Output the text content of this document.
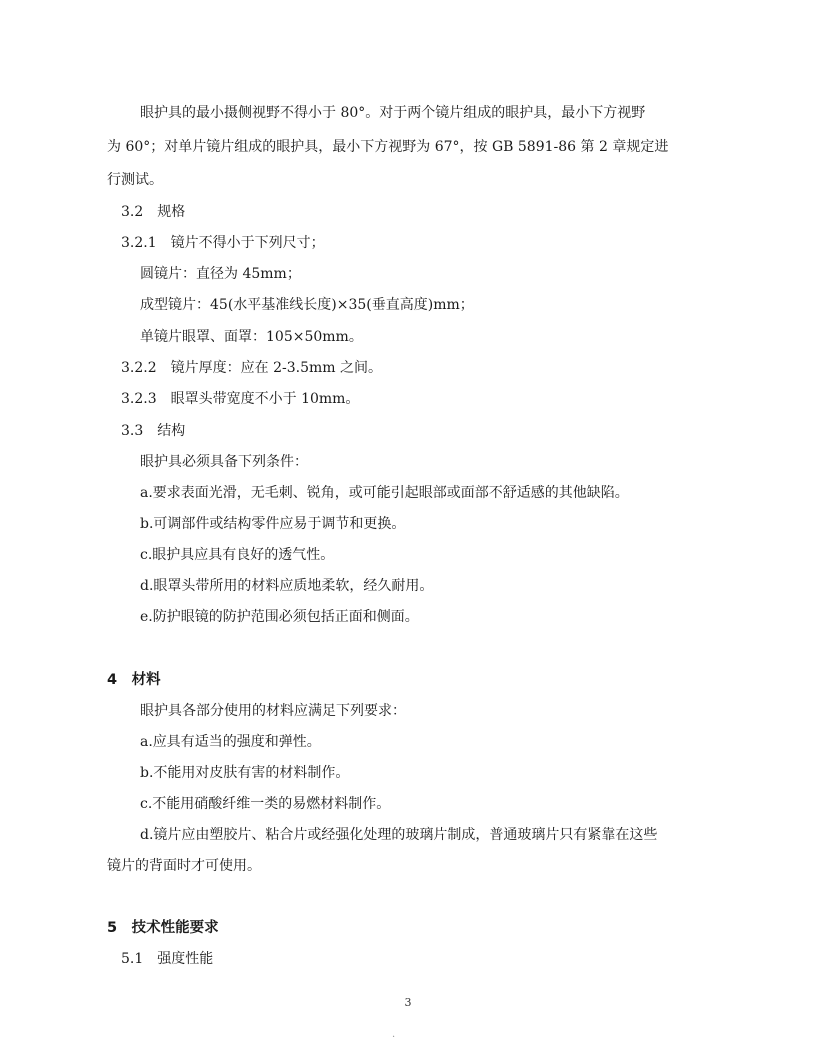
眼护具的最小摄侧视野不得小于 80°。对于两个镜片组成的眼护具，最小下方视野
为 60°；对单片镜片组成的眼护具，最小下方视野为 67°，按 GB 5891-86 第 2 章规定进
行测试。
3.2　规格
3.2.1　镜片不得小于下列尺寸；
圆镜片：直径为 45mm；
成型镜片：45(水平基准线长度)×35(垂直高度)mm；
单镜片眼罩、面罩：105×50mm。
3.2.2　镜片厚度：应在 2-3.5mm 之间。
3.2.3　眼罩头带宽度不小于 10mm。
3.3　结构
眼护具必须具备下列条件：
a.要求表面光滑，无毛刺、锐角，或可能引起眼部或面部不舒适感的其他缺陷。
b.可调部件或结构零件应易于调节和更换。
c.眼护具应具有良好的透气性。
d.眼罩头带所用的材料应质地柔软，经久耐用。
e.防护眼镜的防护范围必须包括正面和侧面。
4　材料
眼护具各部分使用的材料应满足下列要求：
a.应具有适当的强度和弹性。
b.不能用对皮肤有害的材料制作。
c.不能用硝酸纤维一类的易燃材料制作。
d.镜片应由塑胶片、粘合片或经强化处理的玻璃片制成，普通玻璃片只有紧靠在这些
镜片的背面时才可使用。
5　技术性能要求
5.1　强度性能
3
·
